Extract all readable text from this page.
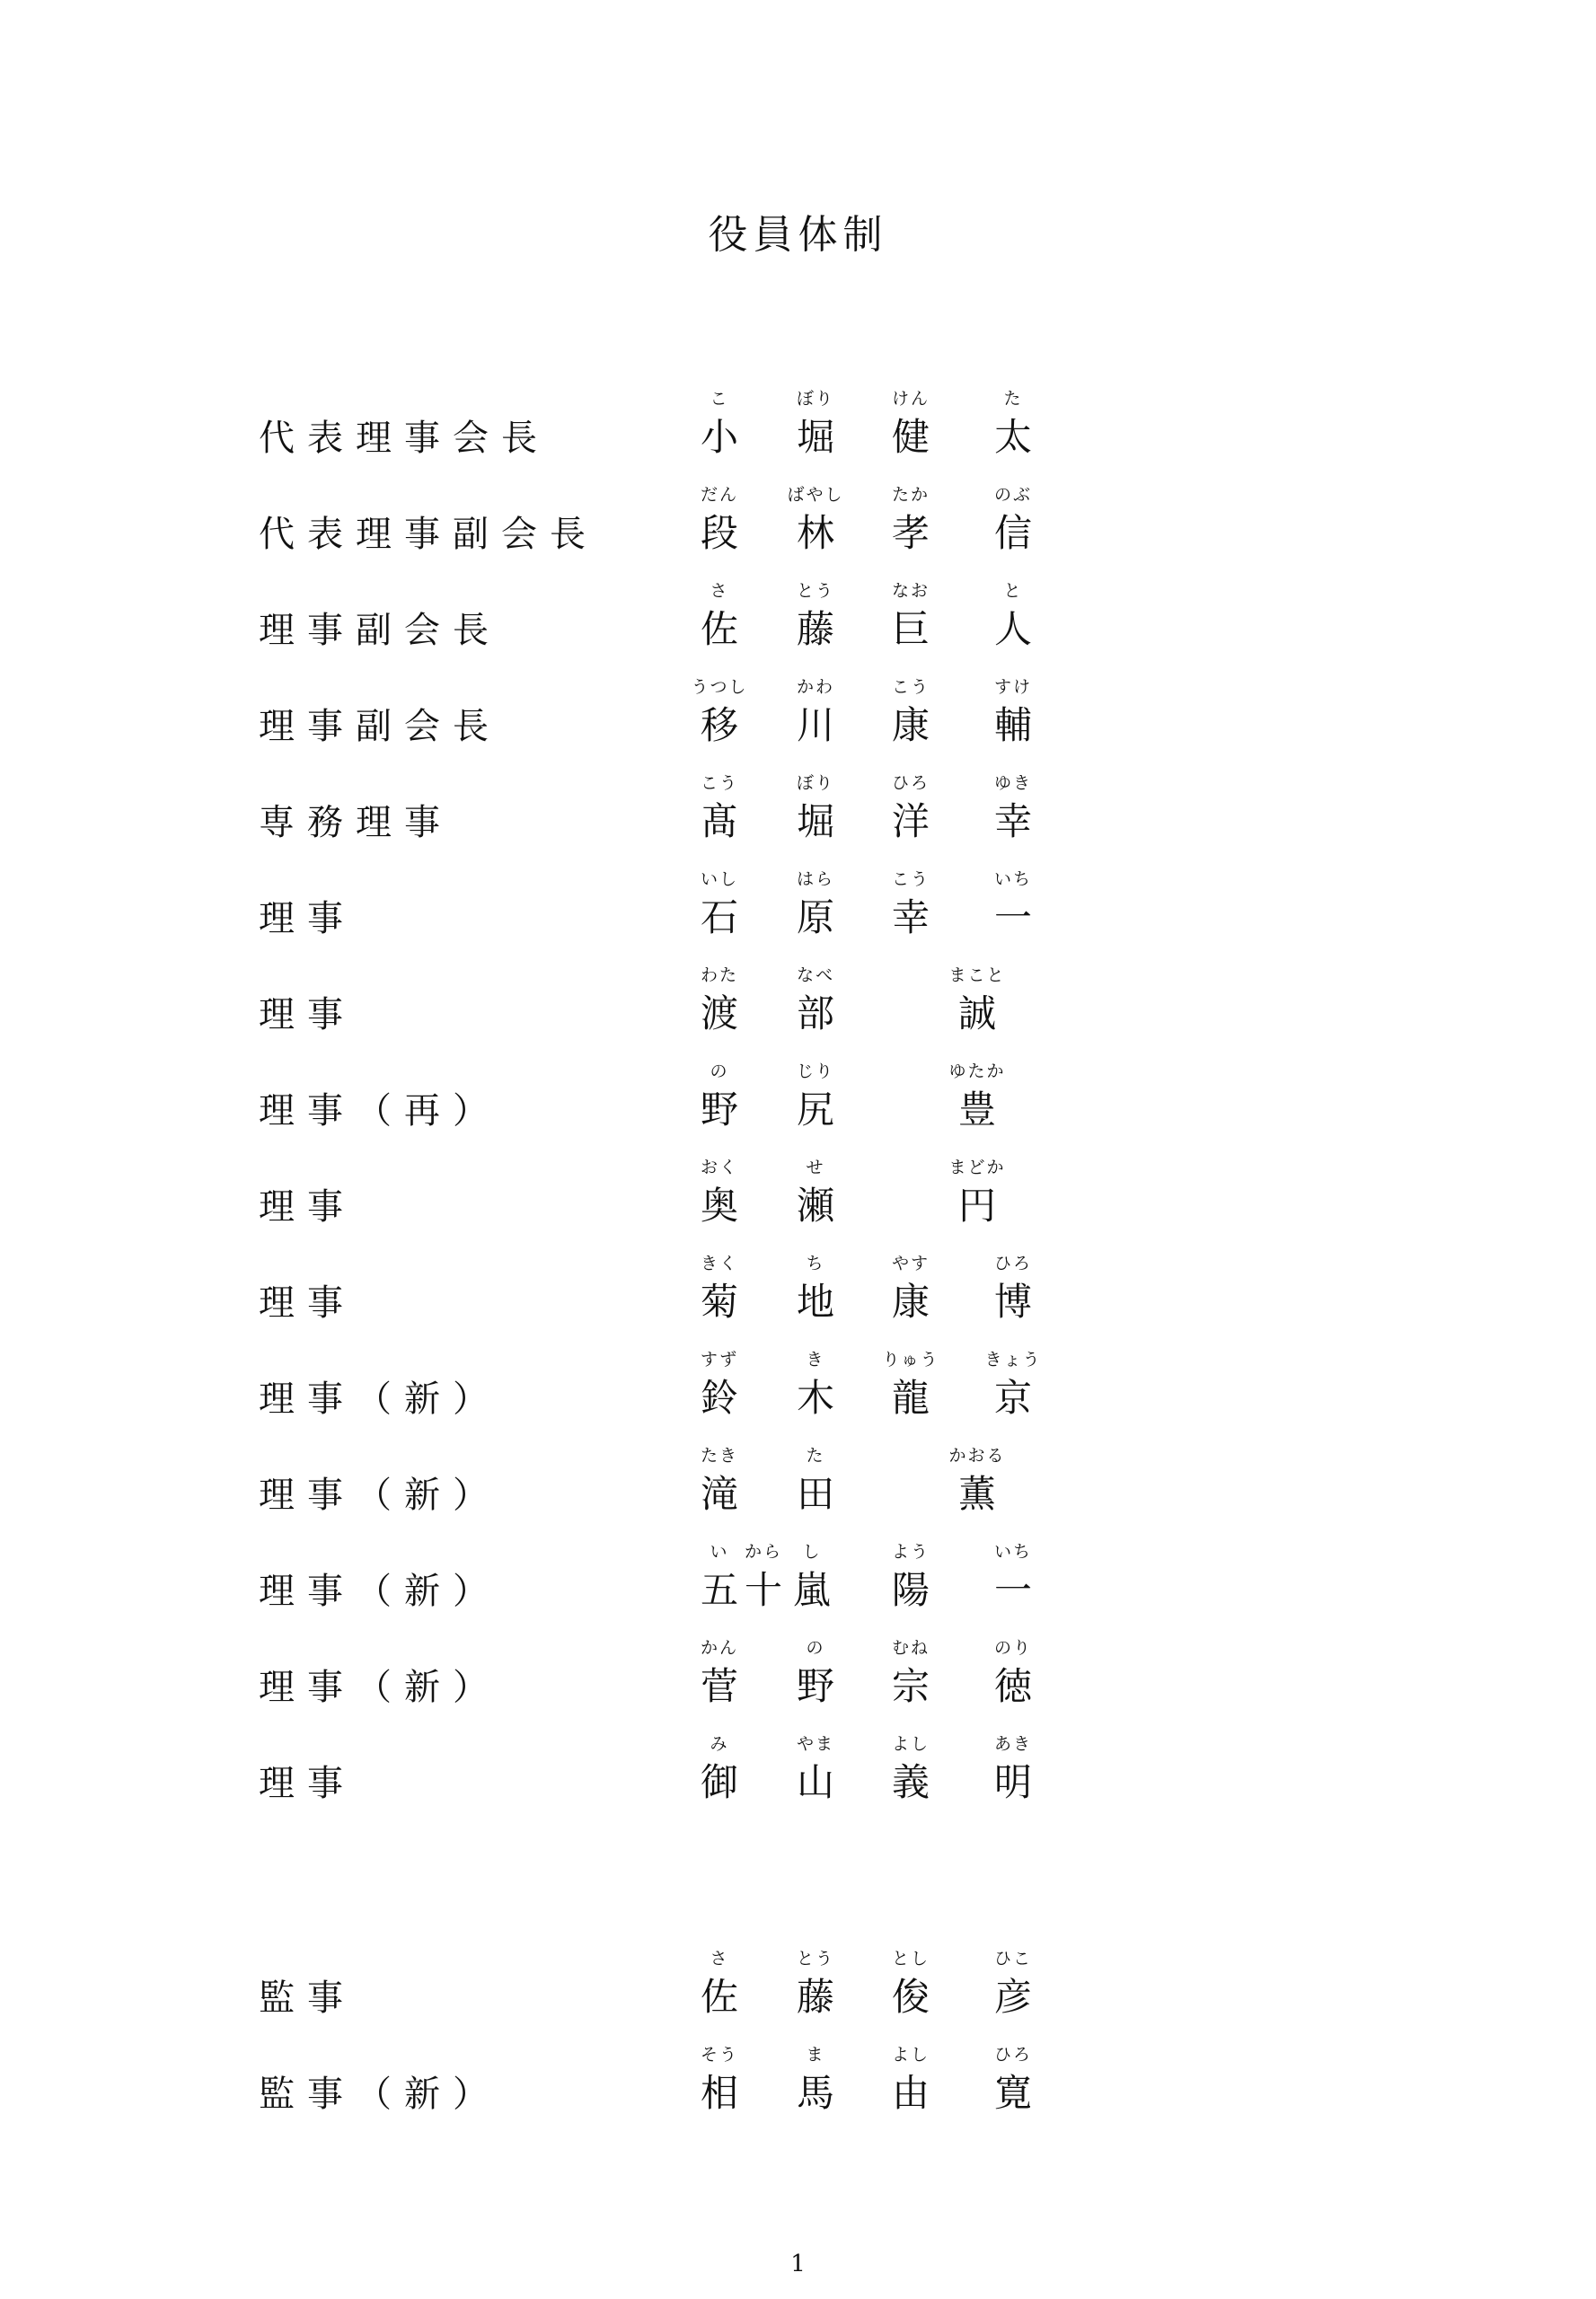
役員体制
代表理事会長
こ
小
ぼり
堀
けん
健
た
太
代表理事副会長
だん
段
ばやし
林
たか
孝
のぶ
信
理事副会長
さ
佐
とう
藤
なお
巨
と
人
理事副会長
うつし
移
かわ
川
こう
康
すけ
輔
専務理事
こう
髙
ぼり
堀
ひろ
洋
ゆき
幸
理事
いし
石
はら
原
こう
幸
いち
一
理事
わた
渡
なべ
部
まこと
誠
理事（再）
の
野
じり
尻
ゆたか
豊
理事
おく
奥
せ
瀬
まどか
円
理事
きく
菊
ち
地
やす
康
ひろ
博
理事（新）
すず
鈴
き
木
りゅう
龍
きょう
京
理事（新）
たき
滝
た
田
かおる
薫
理事（新）
い
五
から
十
し
嵐
よう
陽
いち
一
理事（新）
かん
菅
の
野
むね
宗
のり
徳
理事
み
御
やま
山
よし
義
あき
明
監事
さ
佐
とう
藤
とし
俊
ひこ
彦
監事（新）
そう
相
ま
馬
よし
由
ひろ
寛
1
